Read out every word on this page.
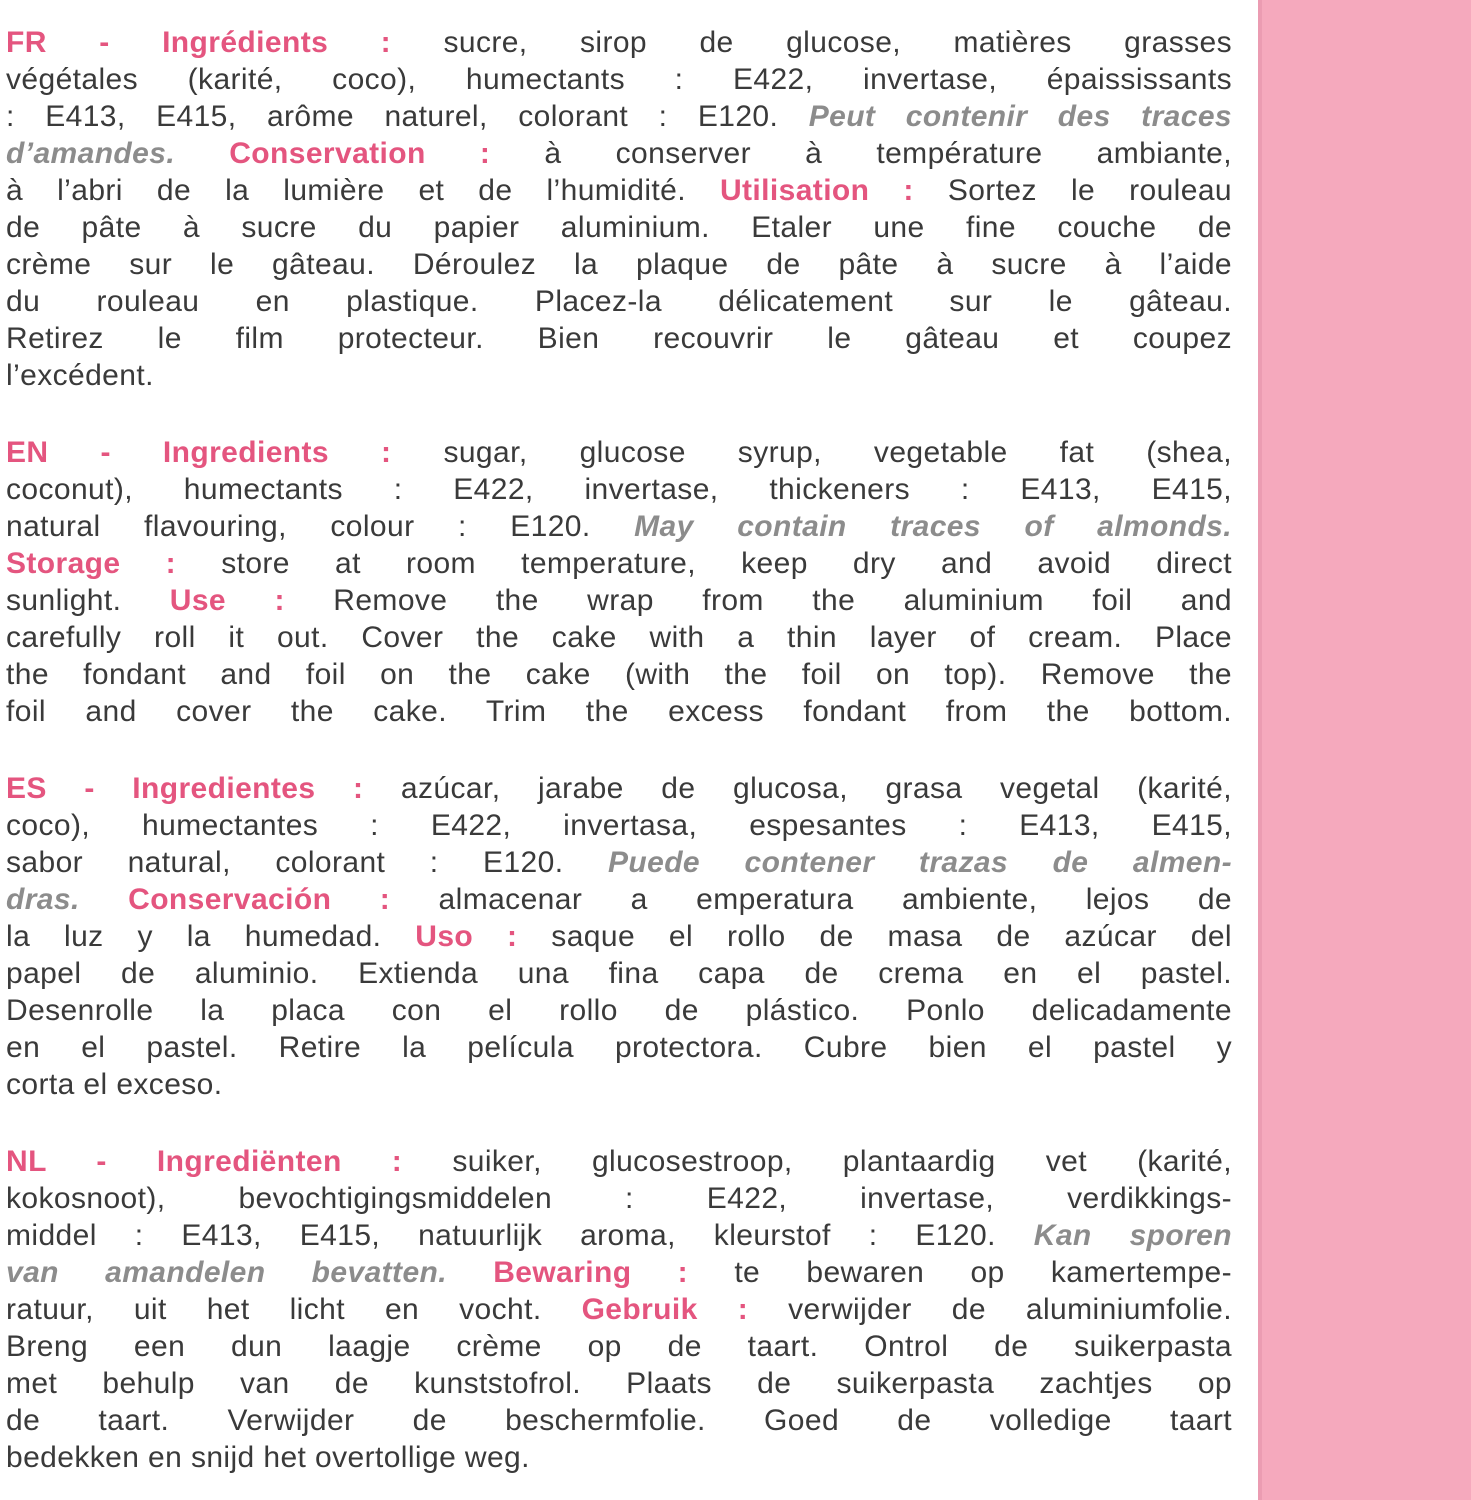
FR - Ingrédients : sucre, sirop de glucose, matières grasses
végétales (karité, coco), humectants : E422, invertase, épaississants
: E413, E415, arôme naturel, colorant : E120. Peut contenir des traces
d’amandes. Conservation : à conserver à température ambiante,
à l’abri de la lumière et de l’humidité. Utilisation : Sortez le rouleau
de pâte à sucre du papier aluminium. Etaler une fine couche de
crème sur le gâteau. Déroulez la plaque de pâte à sucre à l’aide
du rouleau en plastique. Placez-la délicatement sur le gâteau.
Retirez le film protecteur. Bien recouvrir le gâteau et coupez
l’excédent.
EN - Ingredients : sugar, glucose syrup, vegetable fat (shea,
coconut), humectants : E422, invertase, thickeners : E413, E415,
natural flavouring, colour : E120. May contain traces of almonds.
Storage : store at room temperature, keep dry and avoid direct
sunlight. Use : Remove the wrap from the aluminium foil and
carefully roll it out. Cover the cake with a thin layer of cream. Place
the fondant and foil on the cake (with the foil on top). Remove the
foil and cover the cake. Trim the excess fondant from the bottom.
ES - Ingredientes : azúcar, jarabe de glucosa, grasa vegetal (karité,
coco), humectantes : E422, invertasa, espesantes : E413, E415,
sabor natural, colorant : E120. Puede contener trazas de almen-
dras. Conservación : almacenar a emperatura ambiente, lejos de
la luz y la humedad. Uso : saque el rollo de masa de azúcar del
papel de aluminio. Extienda una fina capa de crema en el pastel.
Desenrolle la placa con el rollo de plástico. Ponlo delicadamente
en el pastel. Retire la película protectora. Cubre bien el pastel y
corta el exceso.
NL - Ingrediënten : suiker, glucosestroop, plantaardig vet (karité,
kokosnoot), bevochtigingsmiddelen : E422, invertase, verdikkings-
middel : E413, E415, natuurlijk aroma, kleurstof : E120. Kan sporen
van amandelen bevatten. Bewaring : te bewaren op kamertempe-
ratuur, uit het licht en vocht. Gebruik : verwijder de aluminiumfolie.
Breng een dun laagje crème op de taart. Ontrol de suikerpasta
met behulp van de kunststofrol. Plaats de suikerpasta zachtjes op
de taart. Verwijder de beschermfolie. Goed de volledige taart
bedekken en snijd het overtollige weg.
